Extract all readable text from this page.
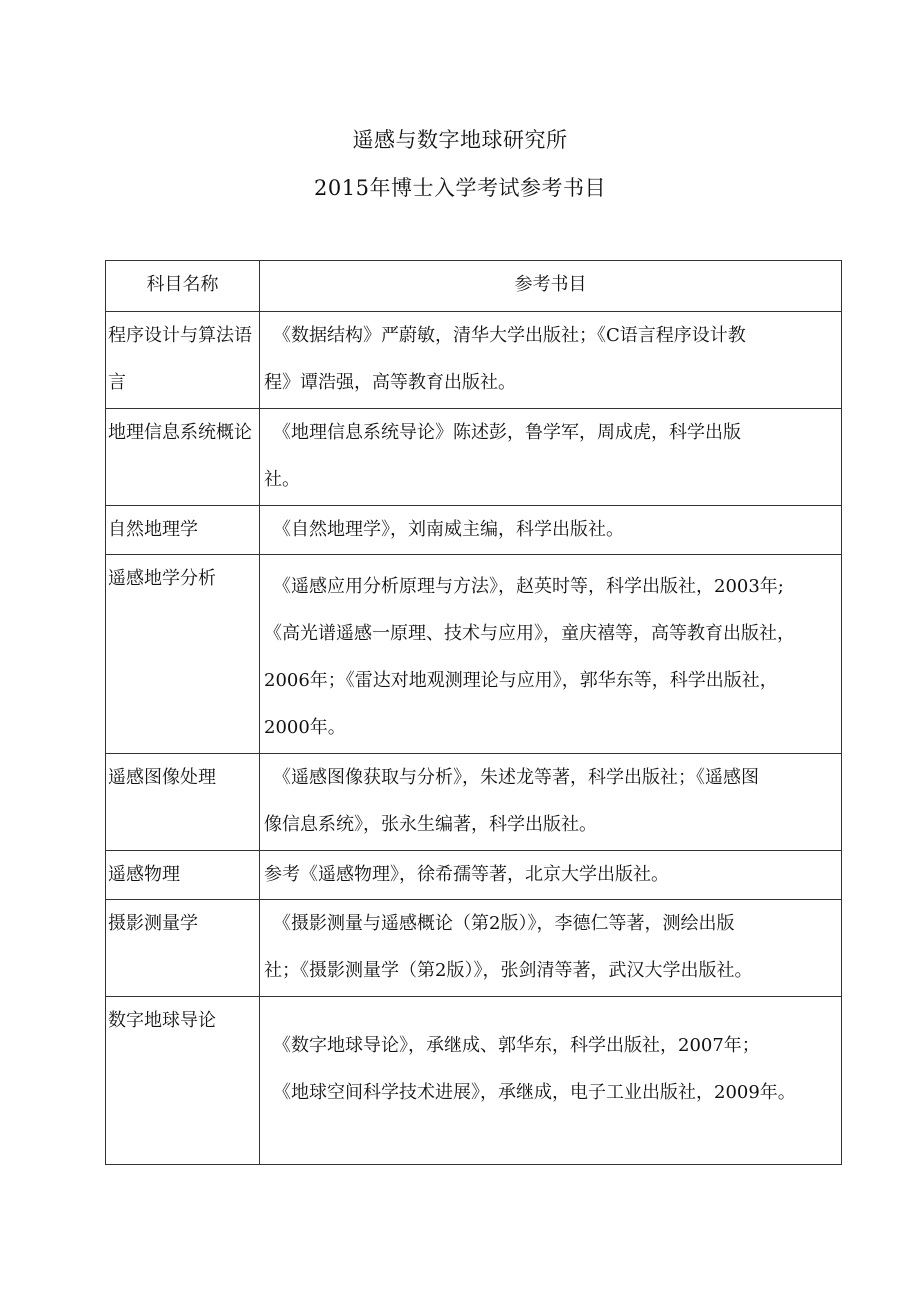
遥感与数字地球研究所
2015年博士入学考试参考书目
科目名称	参考书目
程序设计与算法语言	　《数据结构》严蔚敏，清华大学出版社；《C语言程序设计教
程》谭浩强，高等教育出版社。

地理信息系统概论	　《地理信息系统导论》陈述彭，鲁学军，周成虎，科学出版
社。

自然地理学	　《自然地理学》，刘南威主编，科学出版社。

遥感地学分析	　《遥感应用分析原理与方法》，赵英时等，科学出版社，2003年;
《高光谱遥感一原理、技术与应用》，童庆禧等，高等教育出版社，
2006年；《雷达对地观测理论与应用》，郭华东等，科学出版社，
2000年。

遥感图像处理	　《遥感图像获取与分析》，朱述龙等著，科学出版社；《遥感图
像信息系统》，张永生编著，科学出版社。

遥感物理	参考《遥感物理》，徐希孺等著，北京大学出版社。

摄影测量学	　《摄影测量与遥感概论（第2版）》，李德仁等著，测绘出版
社；《摄影测量学（第2版）》，张剑清等著，武汉大学出版社。

数字地球导论	　《数字地球导论》，承继成、郭华东，科学出版社，2007年；
　《地球空间科学技术进展》，承继成，电子工业出版社，2009年。
